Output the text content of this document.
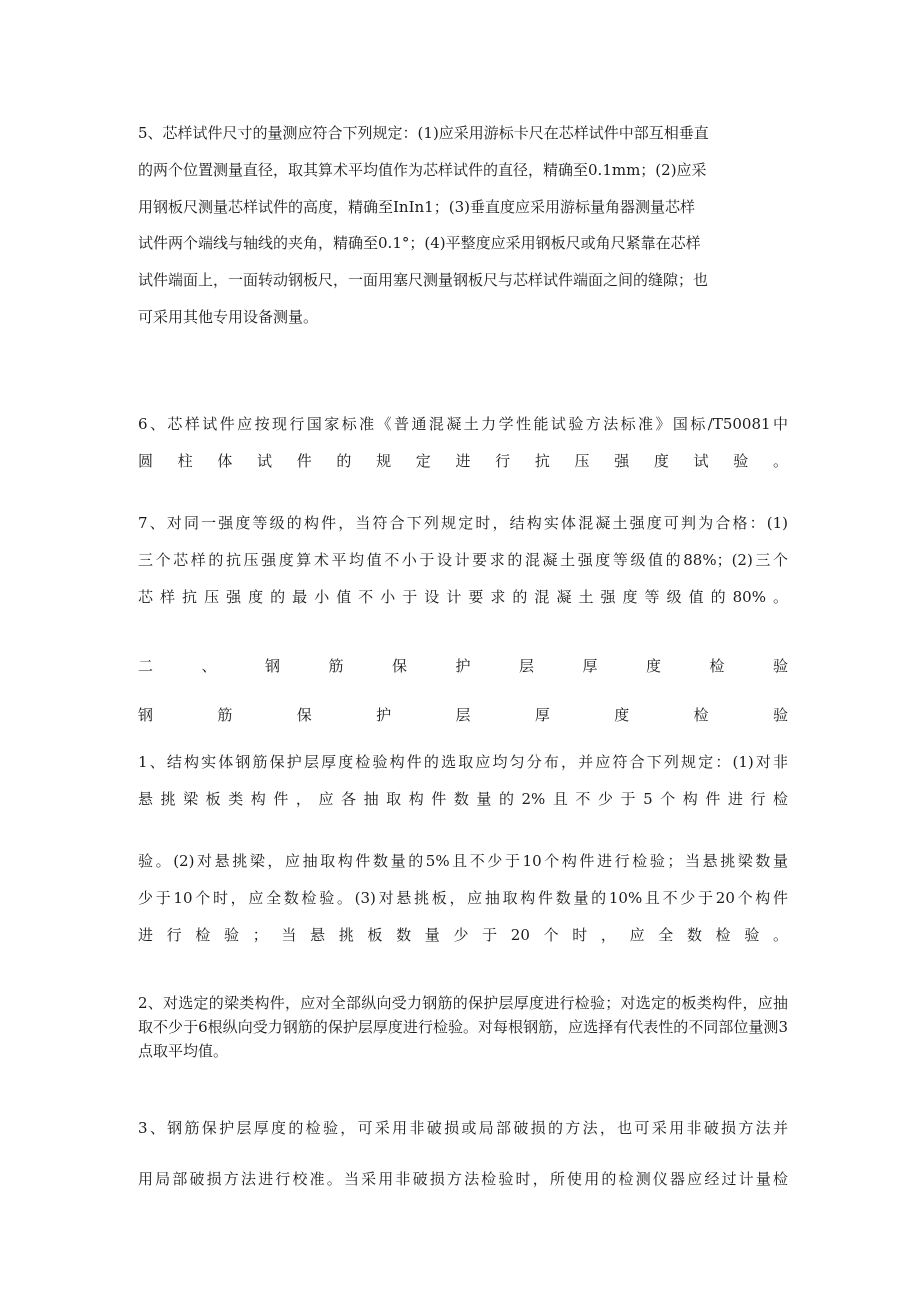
5、芯样试件尺寸的量测应符合下列规定：(1)应采用游标卡尺在芯样试件中部互相垂直
的两个位置测量直径，取其算术平均值作为芯样试件的直径，精确至0.1mm；(2)应采
用钢板尺测量芯样试件的高度，精确至InIn1；(3)垂直度应采用游标量角器测量芯样
试件两个端线与轴线的夹角，精确至0.1°；(4)平整度应采用钢板尺或角尺紧靠在芯样
试件端面上，一面转动钢板尺，一面用塞尺测量钢板尺与芯样试件端面之间的缝隙；也
可采用其他专用设备测量。
6、芯样试件应按现行国家标准《普通混凝土力学性能试验方法标准》国标/T50081中
圆柱体试件的规定进行抗压强度试验。
7、对同一强度等级的构件，当符合下列规定时，结构实体混凝土强度可判为合格：(1)
三个芯样的抗压强度算术平均值不小于设计要求的混凝土强度等级值的88%；(2)三个
芯样抗压强度的最小值不小于设计要求的混凝土强度等级值的80%。
二、钢筋保护层厚度检验
钢筋保护层厚度检验
1、结构实体钢筋保护层厚度检验构件的选取应均匀分布，并应符合下列规定：(1)对非
悬挑梁板类构件，应各抽取构件数量的2%且不少于5个构件进行检
验。(2)对悬挑梁，应抽取构件数量的5%且不少于10个构件进行检验；当悬挑梁数量
少于10个时，应全数检验。(3)对悬挑板，应抽取构件数量的10%且不少于20个构件
进行检验；当悬挑板数量少于20个时，应全数检验。
2、对选定的梁类构件，应对全部纵向受力钢筋的保护层厚度进行检验；对选定的板类构件，应抽取不少于6根纵向受力钢筋的保护层厚度进行检验。对每根钢筋，应选择有代表性的不同部位量测3点取平均值。
3、钢筋保护层厚度的检验，可采用非破损或局部破损的方法，也可采用非破损方法并
用局部破损方法进行校准。当采用非破损方法检验时，所使用的检测仪器应经过计量检
